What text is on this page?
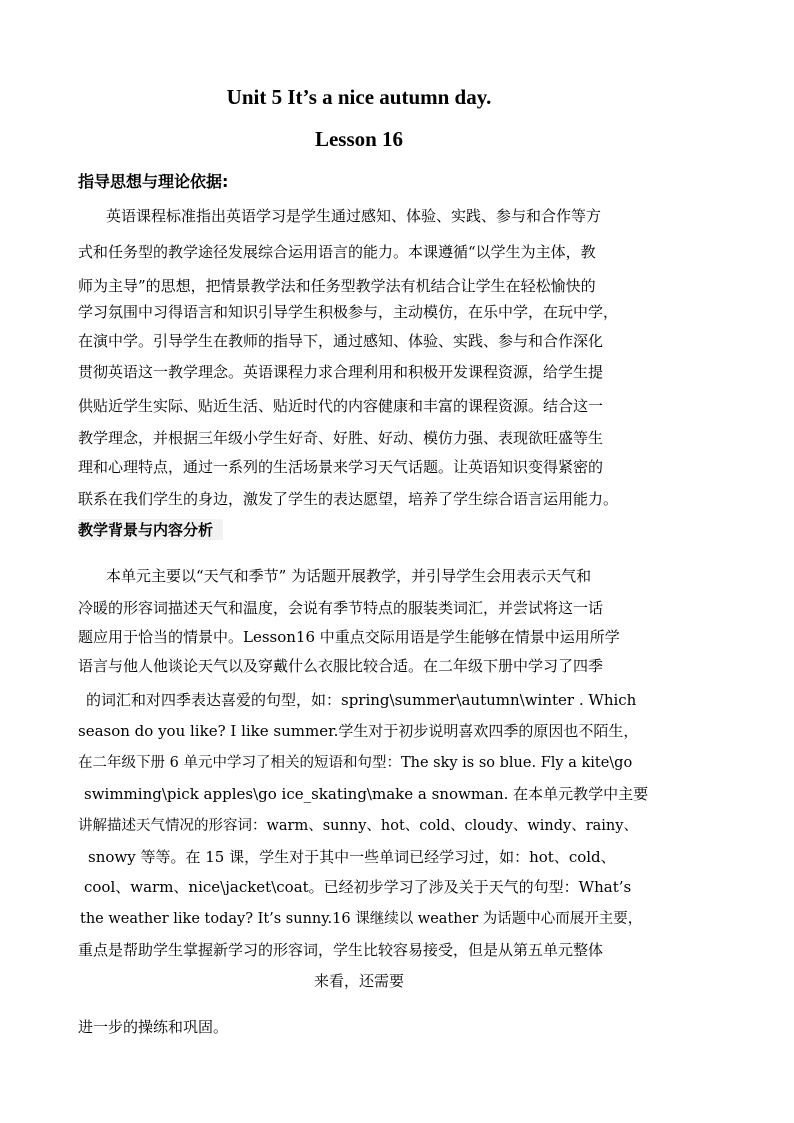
Unit 5 It’s a nice autumn day.
Lesson 16
指导思想与理论依据:
英语课程标准指出英语学习是学生通过感知、体验、实践、参与和合作等方
式和任务型的教学途径发展综合运用语言的能力。本课遵循“以学生为主体，教
师为主导”的思想，把情景教学法和任务型教学法有机结合让学生在轻松愉快的
学习氛围中习得语言和知识引导学生积极参与，主动模仿，在乐中学，在玩中学，
在演中学。引导学生在教师的指导下，通过感知、体验、实践、参与和合作深化
贯彻英语这一教学理念。英语课程力求合理利用和积极开发课程资源，给学生提
供贴近学生实际、贴近生活、贴近时代的内容健康和丰富的课程资源。结合这一
教学理念，并根据三年级小学生好奇、好胜、好动、模仿力强、表现欲旺盛等生
理和心理特点，通过一系列的生活场景来学习天气话题。让英语知识变得紧密的
联系在我们学生的身边，激发了学生的表达愿望，培养了学生综合语言运用能力。
教学背景与内容分析
本单元主要以“天气和季节” 为话题开展教学，并引导学生会用表示天气和
冷暖的形容词描述天气和温度，会说有季节特点的服装类词汇，并尝试将这一话
题应用于恰当的情景中。Lesson16 中重点交际用语是学生能够在情景中运用所学
语言与他人他谈论天气以及穿戴什么衣服比较合适。在二年级下册中学习了四季
的词汇和对四季表达喜爱的句型，如：spring\summer\autumn\winter . Which
season do you like? I like summer.学生对于初步说明喜欢四季的原因也不陌生，
在二年级下册 6 单元中学习了相关的短语和句型：The sky is so blue. Fly a kite\go
swimming\pick apples\go ice_skating\make a snowman. 在本单元教学中主要
讲解描述天气情况的形容词：warm、sunny、hot、cold、cloudy、windy、rainy、
snowy 等等。在 15 课，学生对于其中一些单词已经学习过，如：hot、cold、
cool、warm、nice\jacket\coat。已经初步学习了涉及关于天气的句型：What’s
the weather like today? It’s sunny.16 课继续以 weather 为话题中心而展开主要，
重点是帮助学生掌握新学习的形容词，学生比较容易接受，但是从第五单元整体
来看，还需要
进一步的操练和巩固。
